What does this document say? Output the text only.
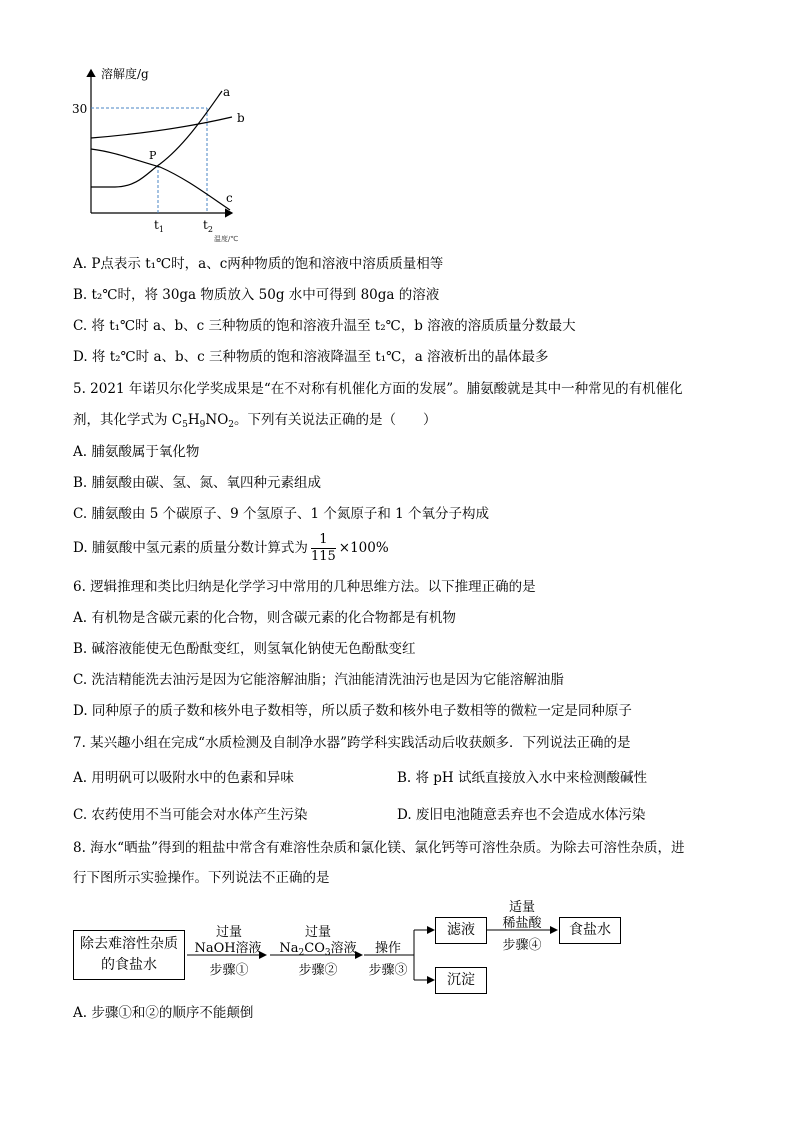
溶解度/g
30
P
a
b
c
$t_1$	$t_2$
温度/℃
A. P点表示 t₁℃时，a、c两种物质的饱和溶液中溶质质量相等
B. t₂℃时，将 30ga 物质放入 50g 水中可得到 80ga 的溶液
C. 将 t₁℃时 a、b、c 三种物质的饱和溶液升温至 t₂℃，b 溶液的溶质质量分数最大
D. 将 t₂℃时 a、b、c 三种物质的饱和溶液降温至 t₁℃，a 溶液析出的晶体最多
5. 2021 年诺贝尔化学奖成果是“在不对称有机催化方面的发展”。脯氨酸就是其中一种常见的有机催化
剂，其化学式为 $C_5H_9NO_2$。下列有关说法正确的是（　　）
A. 脯氨酸属于氧化物
B. 脯氨酸由碳、氢、氮、氧四种元素组成
C. 脯氨酸由 5 个碳原子、9 个氢原子、1 个氮原子和 1 个氧分子构成
D. 脯氨酸中氢元素的质量分数计算式为 $\frac{1}{115} \times 100\%$
6. 逻辑推理和类比归纳是化学学习中常用的几种思维方法。以下推理正确的是
A. 有机物是含碳元素的化合物，则含碳元素的化合物都是有机物
B. 碱溶液能使无色酚酞变红，则氢氧化钠使无色酚酞变红
C. 洗洁精能洗去油污是因为它能溶解油脂；汽油能清洗油污也是因为它能溶解油脂
D. 同种原子的质子数和核外电子数相等，所以质子数和核外电子数相等的微粒一定是同种原子
7. 某兴趣小组在完成“水质检测及自制净水器”跨学科实践活动后收获颇多．下列说法正确的是
A. 用明矾可以吸附水中的色素和异味	B. 将 pH 试纸直接放入水中来检测酸碱性
C. 农药使用不当可能会对水体产生污染	D. 废旧电池随意丢弃也不会造成水体污染
8. 海水“晒盐”得到的粗盐中常含有难溶性杂质和氯化镁、氯化钙等可溶性杂质。为除去可溶性杂质，进
行下图所示实验操作。下列说法不正确的是
除去难溶性杂质
的食盐水
过量
NaOH溶液
步骤①
过量
$Na_2CO_3$溶液
步骤②
操作
步骤③
滤液
沉淀
适量
稀盐酸
步骤④
食盐水
A. 步骤①和②的顺序不能颠倒
